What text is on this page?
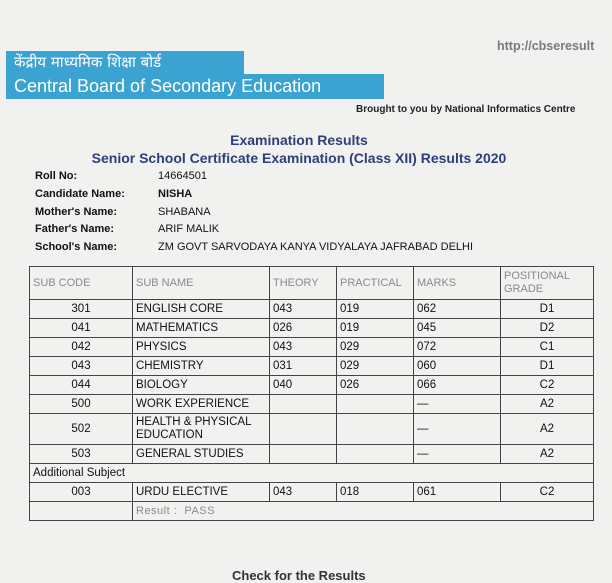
http://cbseresult
केंद्रीय माध्यमिक शिक्षा बोर्ड
Central Board of Secondary Education
Brought to you by National Informatics Centre
Examination Results
Senior School Certificate Examination (Class XII) Results 2020
Roll No:	14664501
Candidate Name:	NISHA
Mother's Name:	SHABANA
Father's Name:	ARIF MALIK
School's Name:	ZM GOVT SARVODAYA KANYA VIDYALAYA JAFRABAD DELHI
SUB CODE	SUB NAME	THEORY	PRACTICAL	MARKS	POSITIONAL
GRADE
301	ENGLISH CORE	043	019	062	D1
041	MATHEMATICS	026	019	045	D2
042	PHYSICS	043	029	072	C1
043	CHEMISTRY	031	029	060	D1
044	BIOLOGY	040	026	066	C2
500	WORK EXPERIENCE			—	A2
502	HEALTH & PHYSICAL
EDUCATION			—	A2
503	GENERAL STUDIES			—	A2
Additional Subject					
003	URDU ELECTIVE	043	018	061	C2
	Result : PASS				
Check for the Results
